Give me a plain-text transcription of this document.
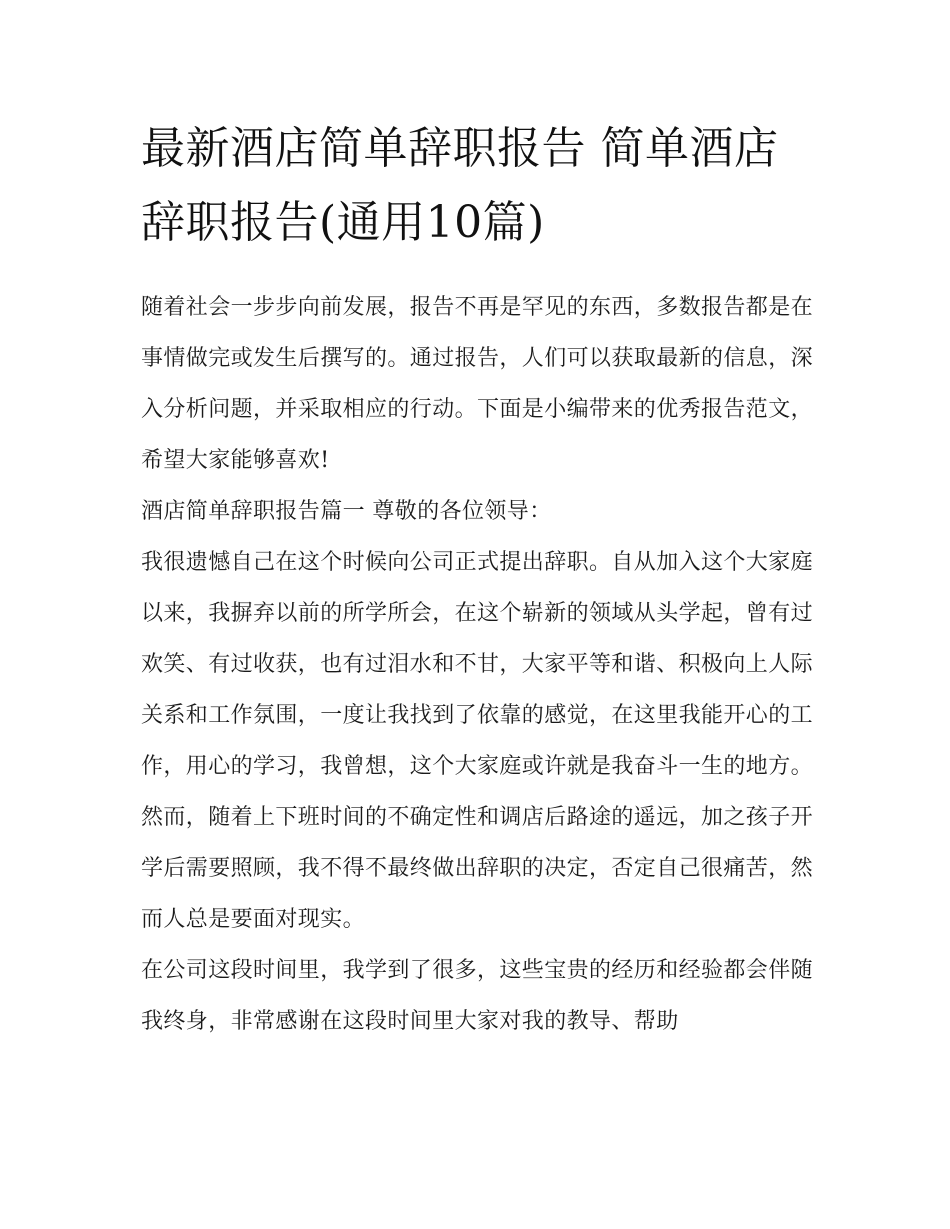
最新酒店简单辞职报告 简单酒店辞职报告(通用10篇)

随着社会一步步向前发展，报告不再是罕见的东西，多数报告都是在事情做完或发生后撰写的。通过报告，人们可以获取最新的信息，深入分析问题，并采取相应的行动。下面是小编带来的优秀报告范文，希望大家能够喜欢!

酒店简单辞职报告篇一 尊敬的各位领导：

我很遗憾自己在这个时候向公司正式提出辞职。自从加入这个大家庭以来，我摒弃以前的所学所会，在这个崭新的领域从头学起，曾有过欢笑、有过收获，也有过泪水和不甘，大家平等和谐、积极向上人际关系和工作氛围，一度让我找到了依靠的感觉，在这里我能开心的工作，用心的学习，我曾想，这个大家庭或许就是我奋斗一生的地方。

然而，随着上下班时间的不确定性和调店后路途的遥远，加之孩子开学后需要照顾，我不得不最终做出辞职的决定，否定自己很痛苦，然而人总是要面对现实。

在公司这段时间里，我学到了很多，这些宝贵的经历和经验都会伴随我终身，非常感谢在这段时间里大家对我的教导、帮助
